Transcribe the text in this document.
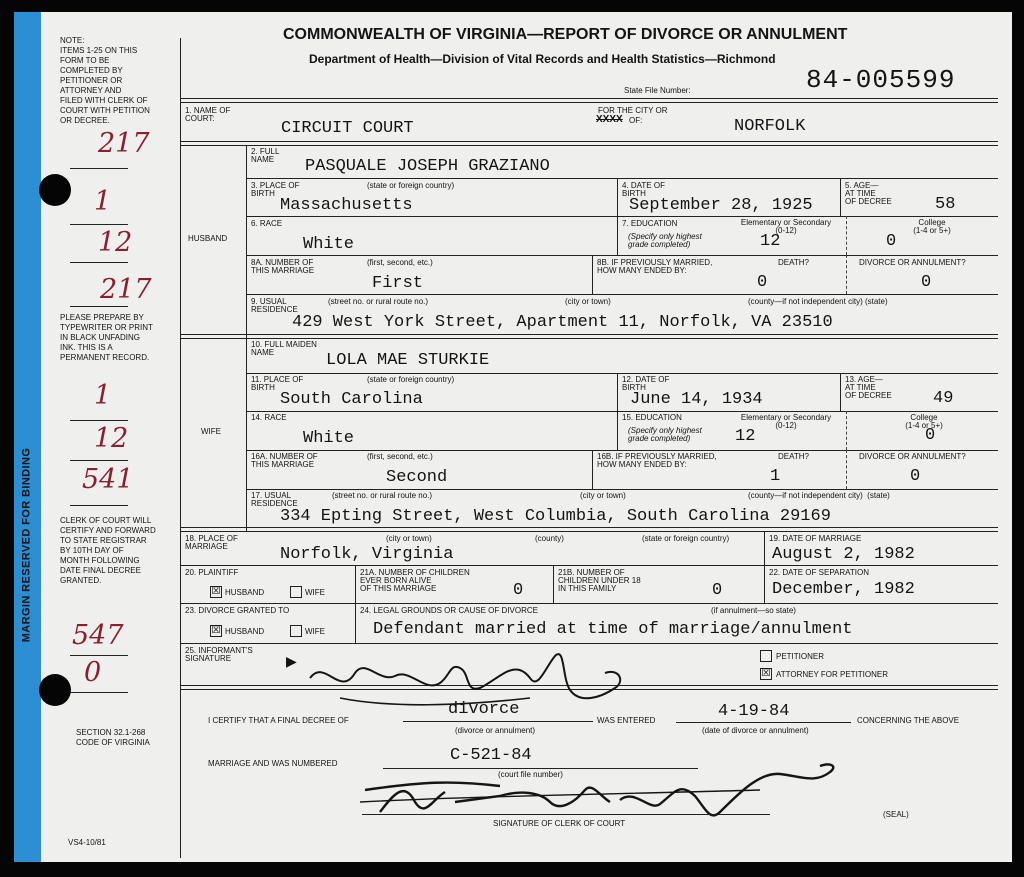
MARGIN RESERVED FOR BINDING
NOTE:
ITEMS 1-25 ON THIS
FORM TO BE
COMPLETED BY
PETITIONER OR
ATTORNEY AND
FILED WITH CLERK OF
COURT WITH PETITION
OR DECREE.
PLEASE PREPARE BY
TYPEWRITER OR PRINT
IN BLACK UNFADING
INK. THIS IS A
PERMANENT RECORD.
CLERK OF COURT WILL
CERTIFY AND FORWARD
TO STATE REGISTRAR
BY 10TH DAY OF
MONTH FOLLOWING
DATE FINAL DECREE
GRANTED.
SECTION 32.1-268
CODE OF VIRGINIA
VS4-10/81
217
1
12
217
1
12
541
547
0
COMMONWEALTH OF VIRGINIA—REPORT OF DIVORCE OR ANNULMENT
Department of Health—Division of Vital Records and Health Statistics—Richmond
State File Number:	84-005599
1. NAME OF
COURT:
CIRCUIT COURT
FOR THE CITY OR
XXXX OF:	NORFOLK
HUSBAND
2. FULL
NAME	PASQUALE JOSEPH GRAZIANO
3. PLACE OF
BIRTH
(state or foreign country)
Massachusetts
4. DATE OF
BIRTH
September 28, 1925
5. AGE—
AT TIME
OF DECREE	58
6. RACE
White
7. EDUCATION
(Specify only highest
grade completed)
Elementary or Secondary
(0-12)
12
College
(1-4 or 5+)
0
8A. NUMBER OF
THIS MARRIAGE
(first, second, etc.)
First
8B. IF PREVIOUSLY MARRIED,
HOW MANY ENDED BY:
DEATH?
0
DIVORCE OR ANNULMENT?
0
9. USUAL
RESIDENCE
(street no. or rural route no.)	(city or town)	(county—if not independent city) (state)
429 West York Street, Apartment 11, Norfolk, VA 23510
WIFE
10. FULL MAIDEN
NAME	LOLA MAE STURKIE
11. PLACE OF
BIRTH
(state or foreign country)
South Carolina
12. DATE OF
BIRTH
June 14, 1934
13. AGE—
AT TIME
OF DECREE 49
14. RACE
White
15. EDUCATION
(Specify only highest
grade completed)
Elementary or Secondary
(0-12)
12
College
(1-4 or 5+)
0
16A. NUMBER OF
THIS MARRIAGE
(first, second, etc.)
Second
16B. IF PREVIOUSLY MARRIED,
HOW MANY ENDED BY:
DEATH?
1
DIVORCE OR ANNULMENT?
0
17. USUAL
RESIDENCE
(street no. or rural route no.)	(city or town)	(county—if not independent city)  (state)
334 Epting Street, West Columbia, South Carolina 29169
18. PLACE OF
MARRIAGE
(city or town)	(county)	(state or foreign country)
Norfolk, Virginia
19. DATE OF MARRIAGE
August 2, 1982
20. PLAINTIFF
☒ HUSBAND	WIFE
21A. NUMBER OF CHILDREN
EVER BORN ALIVE
OF THIS MARRIAGE	0
21B. NUMBER OF
CHILDREN UNDER 18
IN THIS FAMILY	0
22. DATE OF SEPARATION
December, 1982
23. DIVORCE GRANTED TO
☒ HUSBAND	WIFE
24. LEGAL GROUNDS OR CAUSE OF DIVORCE	(if annulment—so state)
Defendant married at time of marriage/annulment
25. INFORMANT'S
SIGNATURE	▶	PETITIONER
☒ ATTORNEY FOR PETITIONER
I CERTIFY THAT A FINAL DECREE OF
divorce
(divorce or annulment)
WAS ENTERED	4-19-84
(date of divorce or annulment)
CONCERNING THE ABOVE
MARRIAGE AND WAS NUMBERED	C-521-84
(court file number)
SIGNATURE OF CLERK OF COURT
(SEAL)
